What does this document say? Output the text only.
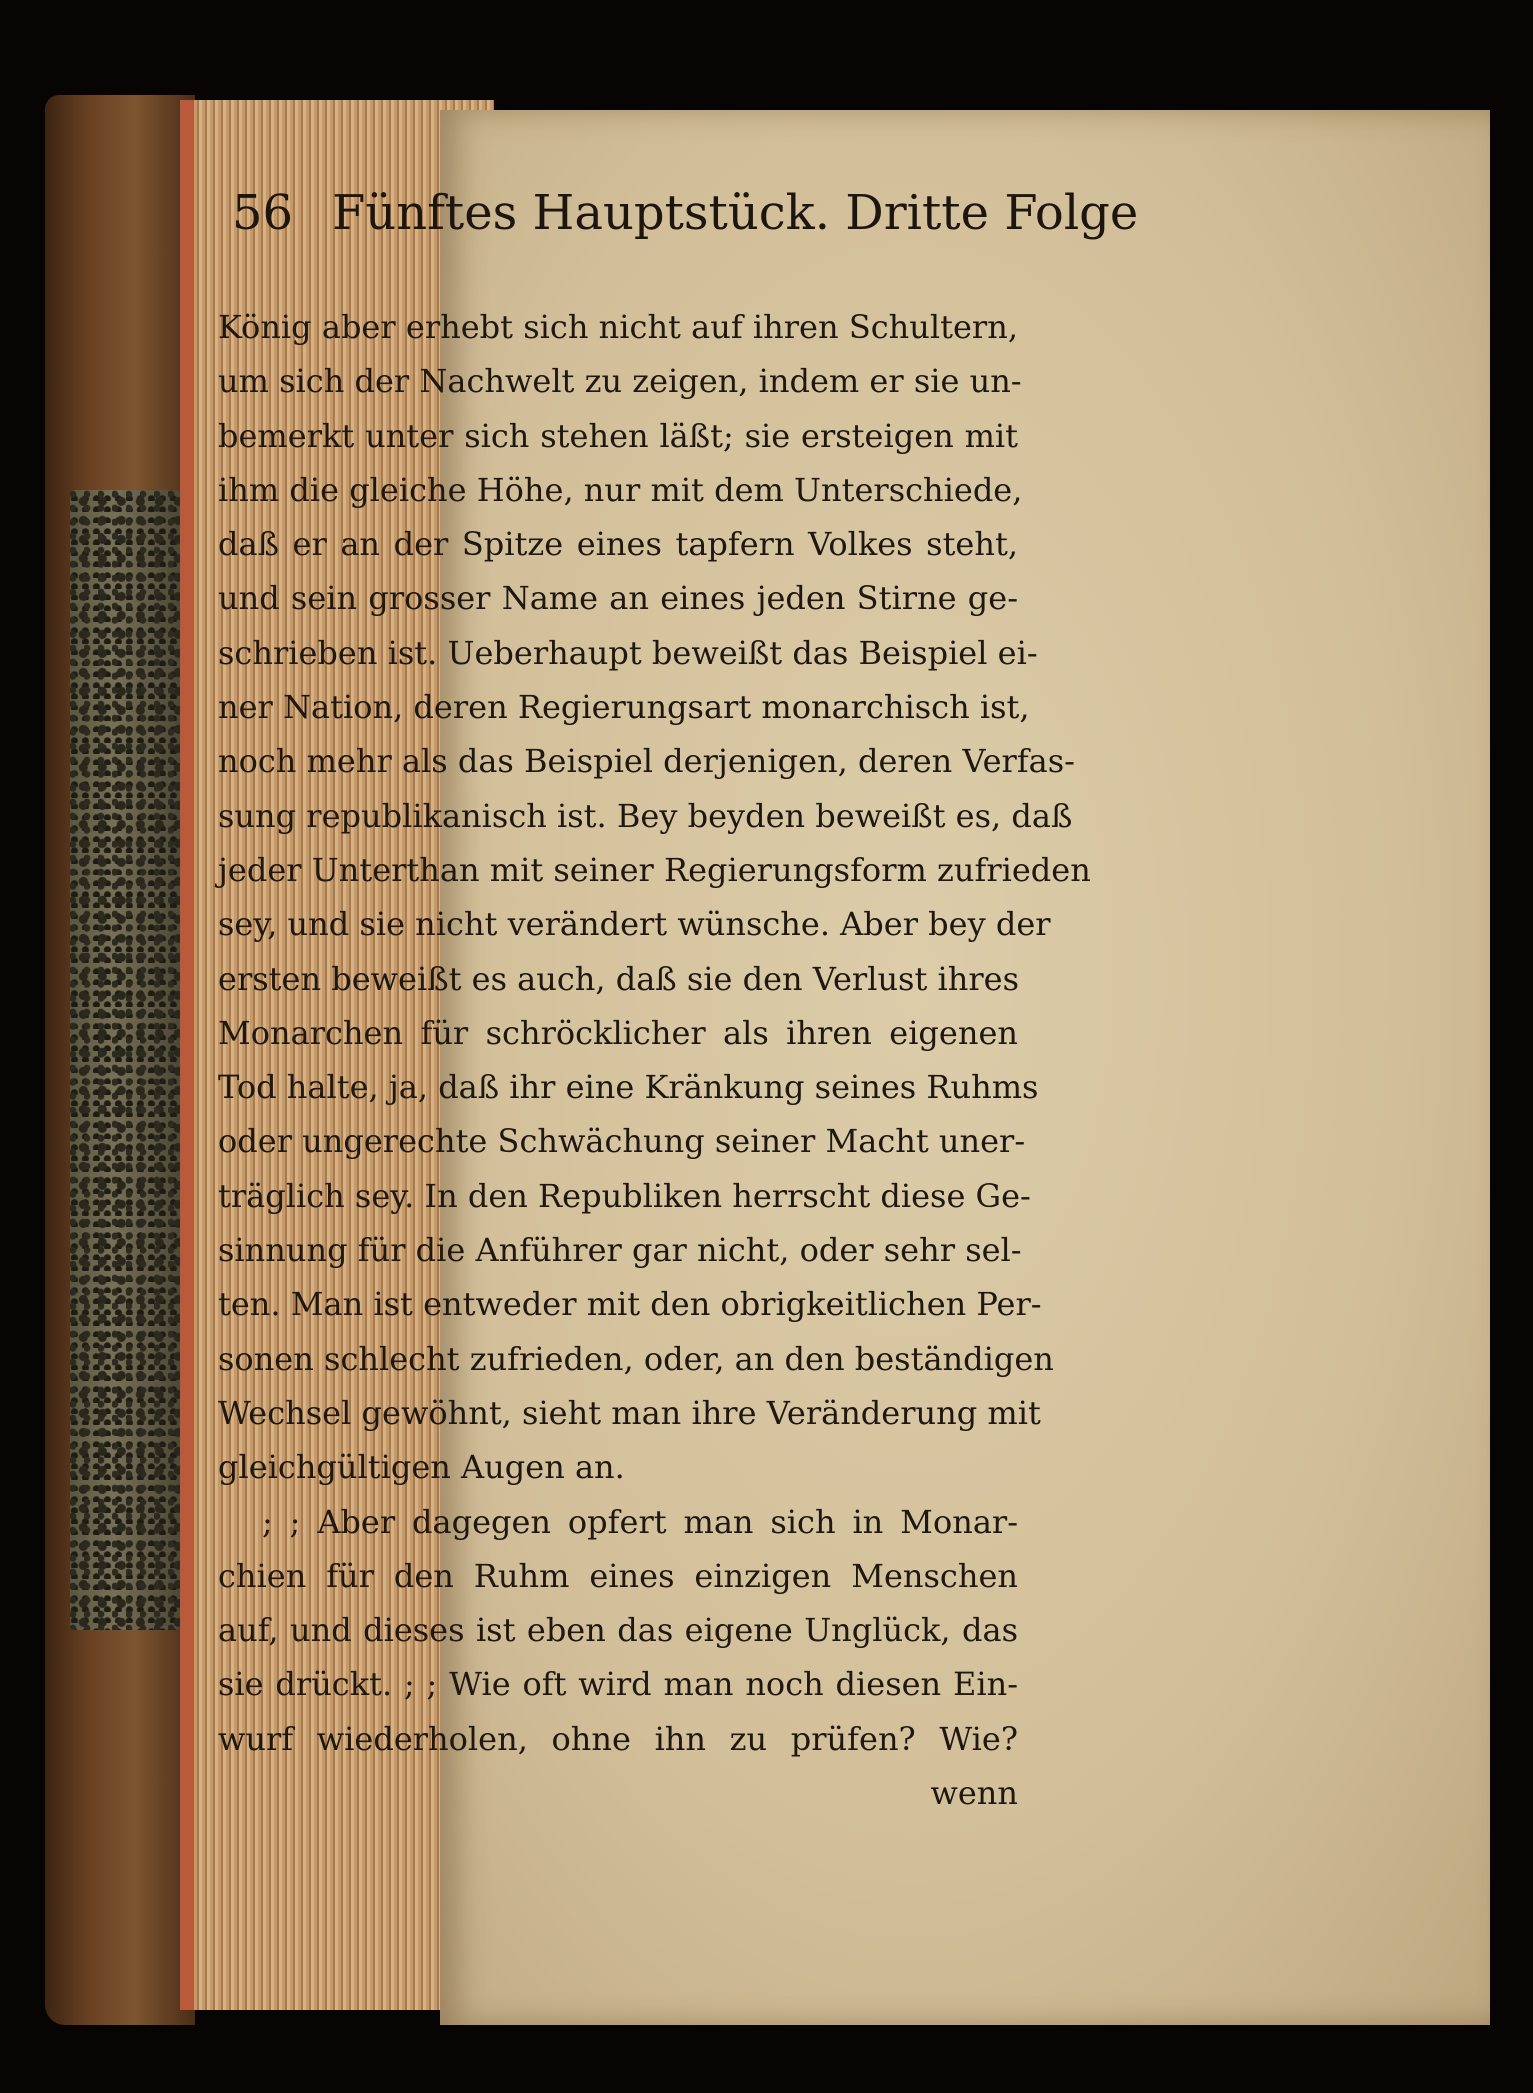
56 Fünftes Hauptstück. Dritte Folge
König aber erhebt sich nicht auf ihren Schultern,
um sich der Nachwelt zu zeigen, indem er sie un-
bemerkt unter sich stehen läßt; sie ersteigen mit
ihm die gleiche Höhe, nur mit dem Unterschiede,
daß er an der Spitze eines tapfern Volkes steht,
und sein grosser Name an eines jeden Stirne ge-
schrieben ist. Ueberhaupt beweißt das Beispiel ei-
ner Nation, deren Regierungsart monarchisch ist,
noch mehr als das Beispiel derjenigen, deren Verfas-
sung republikanisch ist. Bey beyden beweißt es, daß
jeder Unterthan mit seiner Regierungsform zufrieden
sey, und sie nicht verändert wünsche. Aber bey der
ersten beweißt es auch, daß sie den Verlust ihres
Monarchen für schröcklicher als ihren eigenen
Tod halte, ja, daß ihr eine Kränkung seines Ruhms
oder ungerechte Schwächung seiner Macht uner-
träglich sey. In den Republiken herrscht diese Ge-
sinnung für die Anführer gar nicht, oder sehr sel-
ten. Man ist entweder mit den obrigkeitlichen Per-
sonen schlecht zufrieden, oder, an den beständigen
Wechsel gewöhnt, sieht man ihre Veränderung mit
gleichgültigen Augen an.
; ; Aber dagegen opfert man sich in Monar-
chien für den Ruhm eines einzigen Menschen
auf, und dieses ist eben das eigene Unglück, das
sie drückt. ; ; Wie oft wird man noch diesen Ein-
wurf wiederholen, ohne ihn zu prüfen? Wie?
wenn
